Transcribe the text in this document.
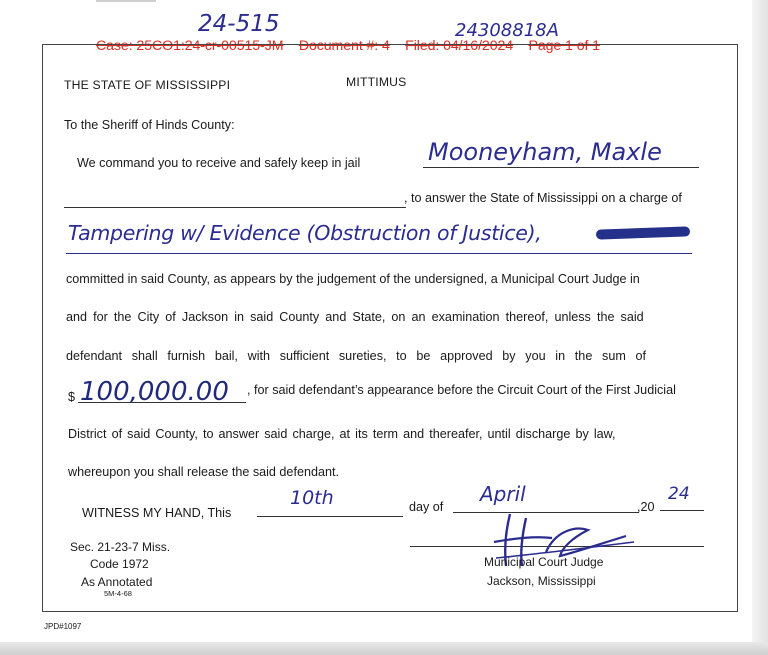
24-515	24308818A
Case: 25CO1:24-cr-00515-JM Document #: 4 Filed: 04/16/2024 Page 1 of 1
THE STATE OF MISSISSIPPI	MITTIMUS
To the Sheriff of Hinds County:
We command you to receive and safely keep in jail	Mooneyham, Maxle
, to answer the State of Mississippi on a charge of
Tampering w/ Evidence (Obstruction of Justice),
committed in said County, as appears by the judgement of the undersigned, a Municipal Court Judge in
and for the City of Jackson in said County and State, on an examination thereof, unless the said
defendant shall furnish bail, with sufficient sureties, to be approved by you in the sum of
$ 100,000.00 , for said defendant’s appearance before the Circuit Court of the First Judicial
District of said County, to answer said charge, at its term and thereafer, until discharge by law,
whereupon you shall release the said defendant.
WITNESS MY HAND, This
10th	day of
April
,20
24
Sec. 21-23-7 Miss.
Code 1972
As Annotated
5M-4-68
Municipal Court Judge
Jackson, Mississippi
JPD#1097
